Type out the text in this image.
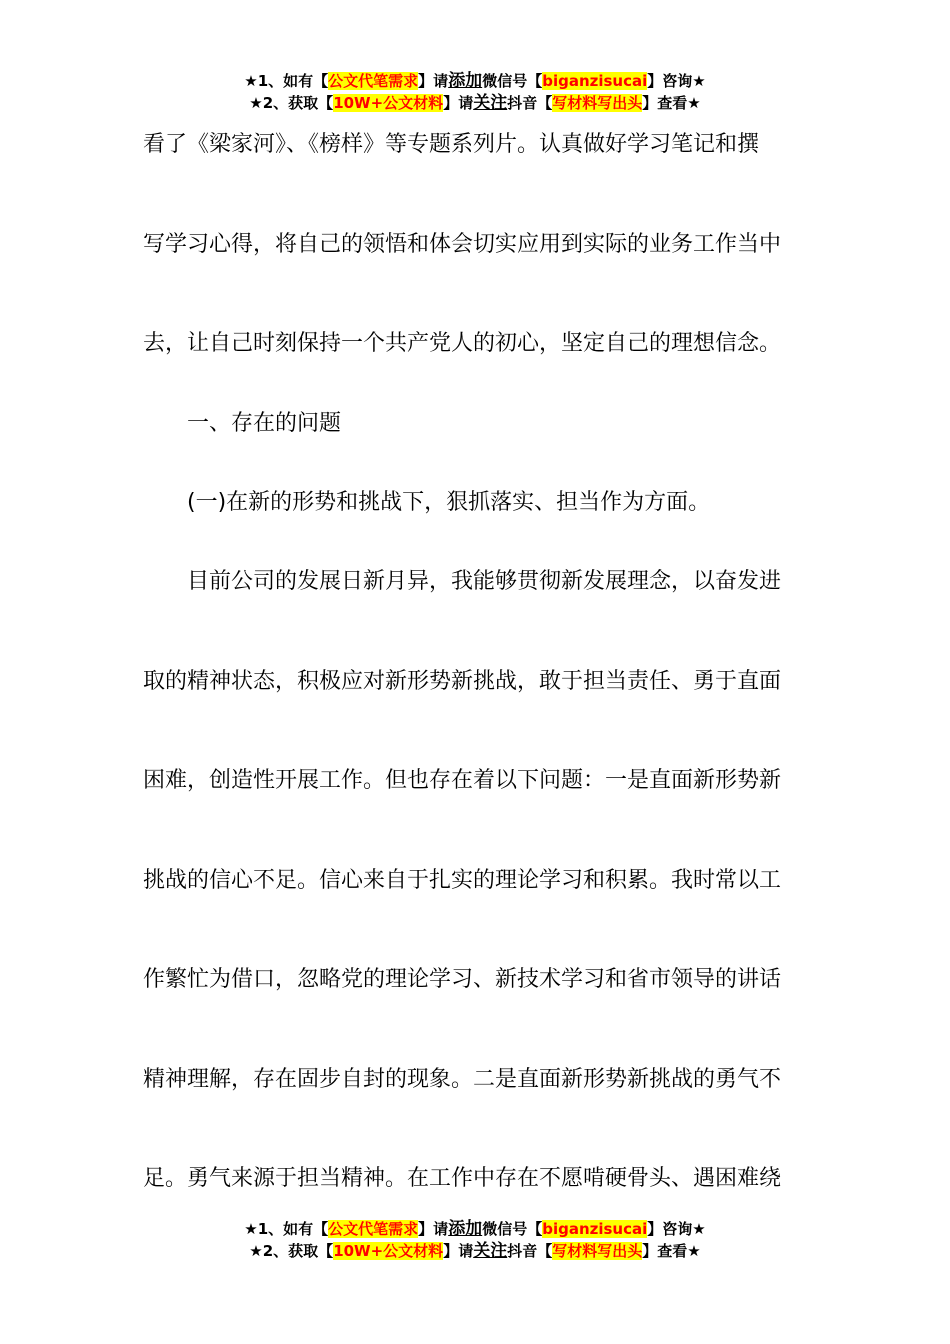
★1、如有【公文代笔需求】请添加微信号【biganzisucai】咨询★
★2、获取【10W+公文材料】请关注抖音【写材料写出头】查看★
看了《梁家河》、《榜样》等专题系列片。认真做好学习笔记和撰
写学习心得，将自己的领悟和体会切实应用到实际的业务工作当中
去，让自己时刻保持一个共产党人的初心，坚定自己的理想信念。
　　一、存在的问题
　　(一)在新的形势和挑战下，狠抓落实、担当作为方面。
　　目前公司的发展日新月异，我能够贯彻新发展理念，以奋发进
取的精神状态，积极应对新形势新挑战，敢于担当责任、勇于直面
困难，创造性开展工作。但也存在着以下问题：一是直面新形势新
挑战的信心不足。信心来自于扎实的理论学习和积累。我时常以工
作繁忙为借口，忽略党的理论学习、新技术学习和省市领导的讲话
精神理解，存在固步自封的现象。二是直面新形势新挑战的勇气不
足。勇气来源于担当精神。在工作中存在不愿啃硬骨头、遇困难绕
★1、如有【公文代笔需求】请添加微信号【biganzisucai】咨询★
★2、获取【10W+公文材料】请关注抖音【写材料写出头】查看★
